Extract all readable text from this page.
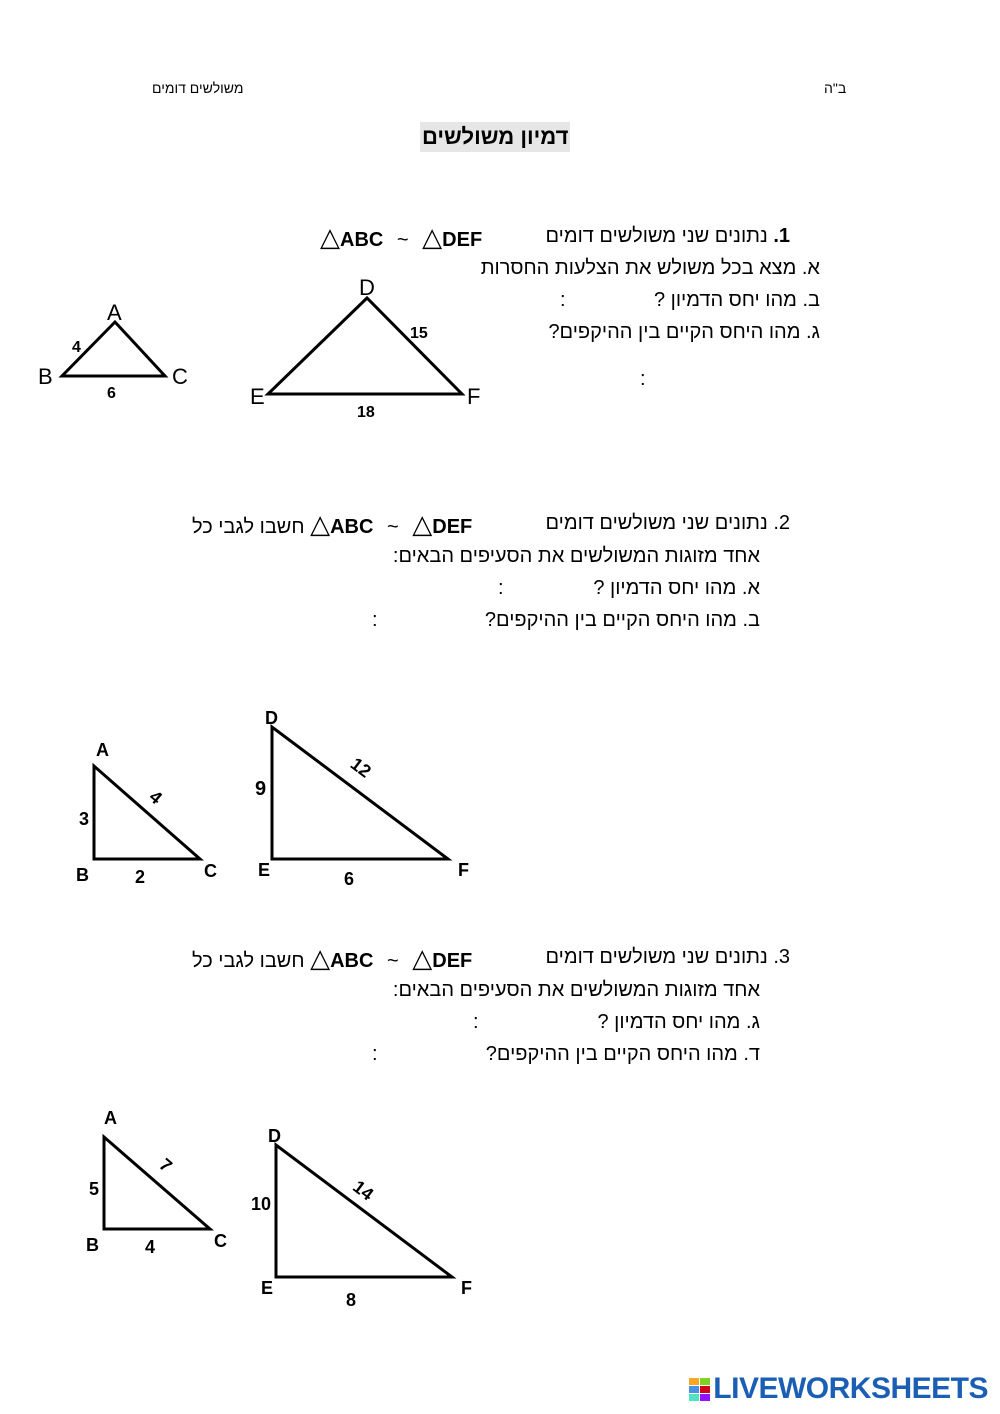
משולשים דומים	ב"ה
דמיון משולשים
1. נתונים שני משולשים דומים
△ABC ~ △DEF
א. מצא בכל משולש את הצלעות החסרות
ב. מהו יחס הדמיון ?
:
ג. מהו היחס הקיים בין ההיקפים?
:
A
B	C
4
6
D
E	F
15
18
2. נתונים שני משולשים דומים
חשבו לגבי כל △ABC ~ △DEF
אחד מזוגות המשולשים את הסעיפים הבאים:
א. מהו יחס הדמיון ?
:
ב. מהו היחס הקיים בין ההיקפים?
:
A
B	C
3
2
4
D
E	F
9
6
12
3. נתונים שני משולשים דומים
חשבו לגבי כל △ABC ~ △DEF
אחד מזוגות המשולשים את הסעיפים הבאים:
ג. מהו יחס הדמיון ?
:
ד. מהו היחס הקיים בין ההיקפים?
:
A
B	C
5
4
7
D
E	F
10
8
14
LIVEWORKSHEETS
